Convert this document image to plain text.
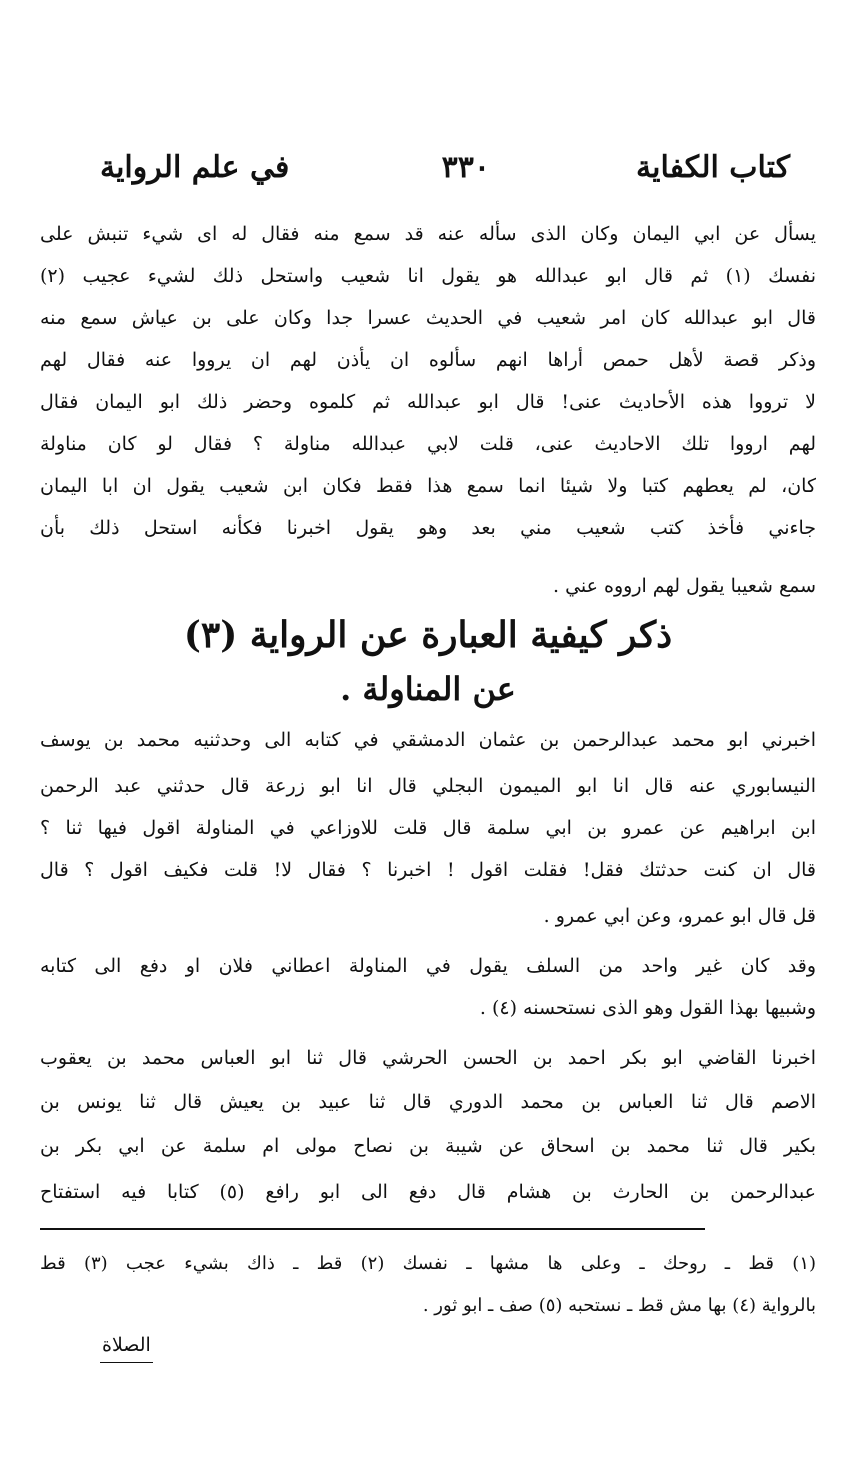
كتاب الكفاية
٣٣٠
في علم الرواية
يسأل عن ابي اليمان وكان الذى سأله عنه قد سمع منه فقال له اى شيء تنبش على
نفسك (١) ثم قال ابو عبدالله هو يقول انا شعيب واستحل ذلك لشيء عجيب (٢)
قال ابو عبدالله كان امر شعيب في الحديث عسرا جدا وكان على بن عياش سمع منه
وذكر قصة لأهل حمص أراها انهم سألوه ان يأذن لهم ان يرووا عنه فقال لهم
لا ترووا هذه الأحاديث عنى! قال ابو عبدالله ثم كلموه وحضر ذلك ابو اليمان فقال
لهم ارووا تلك الاحاديث عنى، قلت لابي عبدالله مناولة ؟ فقال لو كان مناولة
كان، لم يعطهم كتبا ولا شيئا انما سمع هذا فقط فكان ابن شعيب يقول ان ابا اليمان
جاءني فأخذ كتب شعيب مني بعد وهو يقول اخبرنا فكأنه استحل ذلك بأن
سمع شعيبا يقول لهم ارووه عني .
ذكر كيفية العبارة عن الرواية (٣)
عن المناولة .
اخبرني ابو محمد عبدالرحمن بن عثمان الدمشقي في كتابه الى وحدثنيه محمد بن يوسف
النيسابوري عنه قال انا ابو الميمون البجلي قال انا ابو زرعة قال حدثني عبد الرحمن
ابن ابراهيم عن عمرو بن ابي سلمة قال قلت للاوزاعي في المناولة اقول فيها ثنا ؟
قال ان كنت حدثتك فقل! فقلت اقول ! اخبرنا ؟ فقال لا! قلت فكيف اقول ؟ قال
قل قال ابو عمرو، وعن ابي عمرو .
وقد كان غير واحد من السلف يقول في المناولة اعطاني فلان او دفع الى كتابه
وشبيها بهذا القول وهو الذى نستحسنه (٤) .
اخبرنا القاضي ابو بكر احمد بن الحسن الحرشي قال ثنا ابو العباس محمد بن يعقوب
الاصم قال ثنا العباس بن محمد الدوري قال ثنا عبيد بن يعيش قال ثنا يونس بن
بكير قال ثنا محمد بن اسحاق عن شيبة بن نصاح مولى ام سلمة عن ابي بكر بن
عبدالرحمن بن الحارث بن هشام قال دفع الى ابو رافع (٥) كتابا فيه استفتاح
(١) قط ـ روحك ـ وعلى ها مشها ـ نفسك (٢) قط ـ ذاك بشيء عجب (٣) قط
بالرواية (٤) بها مش قط ـ نستحبه (٥) صف ـ ابو ثور .
الصلاة
